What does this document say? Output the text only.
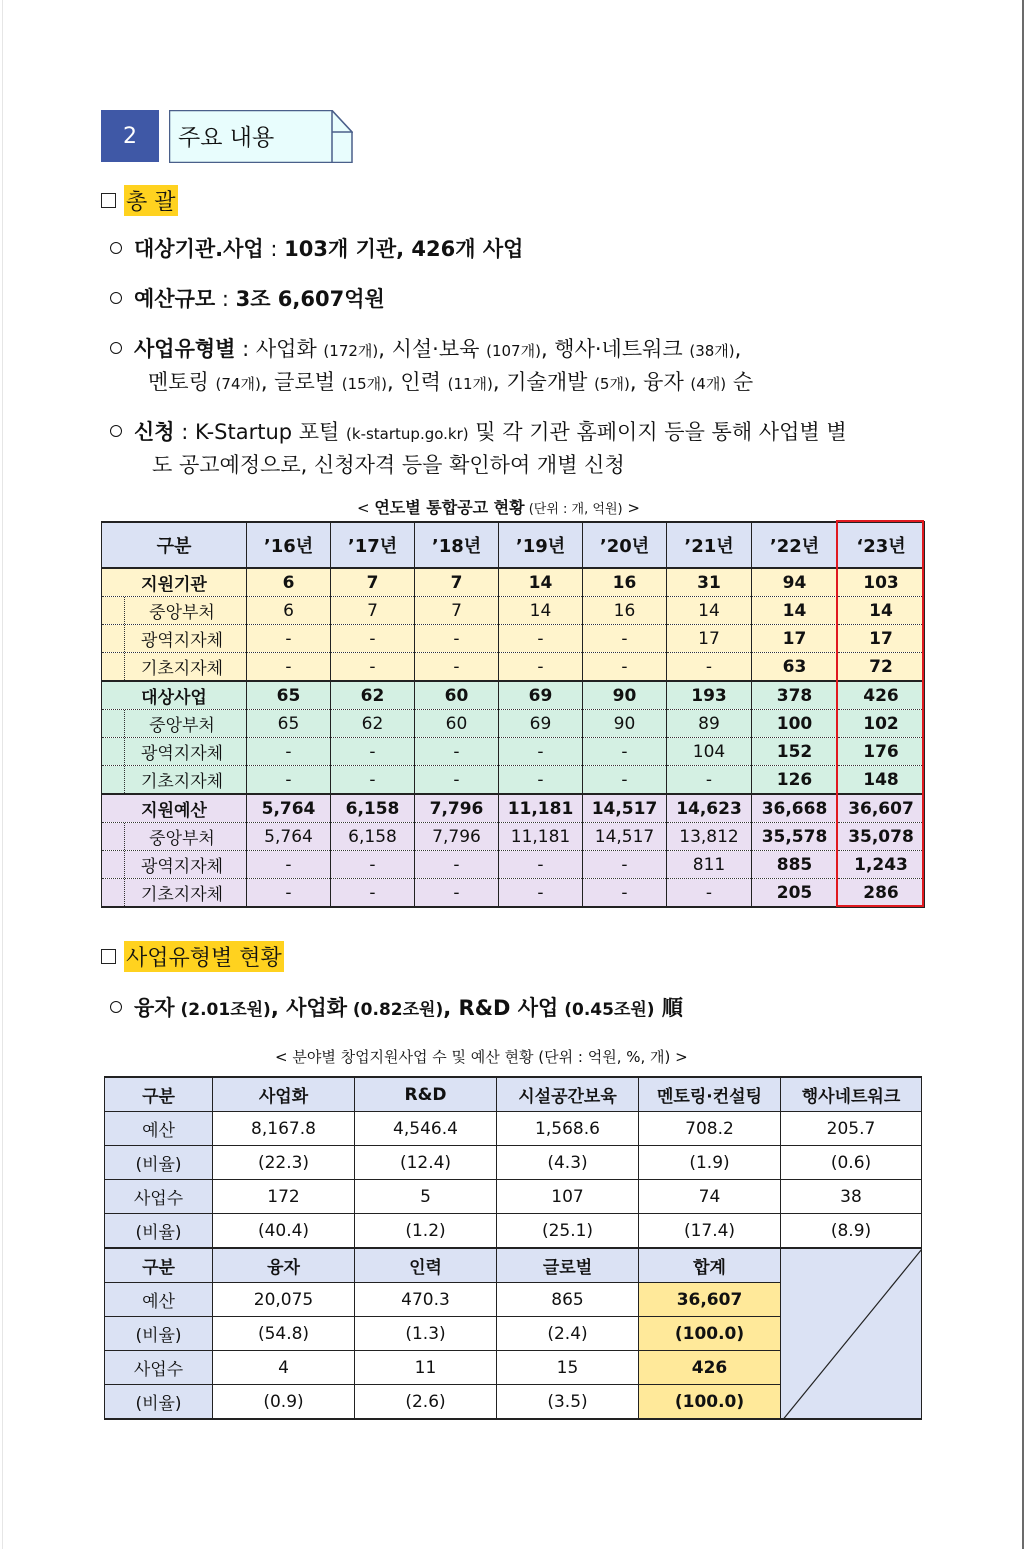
2	주요 내용
총 괄
대상기관.사업 : 103개 기관, 426개 사업
예산규모 : 3조 6,607억원
사업유형별 : 사업화 (172개), 시설·보육 (107개), 행사·네트워크 (38개),
멘토링 (74개), 글로벌 (15개), 인력 (11개), 기술개발 (5개), 융자 (4개) 순
신청 : K-Startup 포털 (k-startup.go.kr) 및 각 기관 홈페이지 등을 통해 사업별 별
도 공고예정으로, 신청자격 등을 확인하여 개별 신청
< 연도별 통합공고 현황 (단위 : 개, 억원) >
구분	’16년	’17년	’18년	’19년	’20년	’21년	’22년	‘23년
지원기관	6	7	7	14	16	31	94	103
중앙부처	6	7	7	14	16	14	14	14
광역지자체	-	-	-	-	-	17	17	17
기초지자체	-	-	-	-	-	-	63	72
대상사업	65	62	60	69	90	193	378	426
중앙부처	65	62	60	69	90	89	100	102
광역지자체	-	-	-	-	-	104	152	176
기초지자체	-	-	-	-	-	-	126	148
지원예산	5,764	6,158	7,796	11,181	14,517	14,623	36,668	36,607
중앙부처	5,764	6,158	7,796	11,181	14,517	13,812	35,578	35,078
광역지자체	-	-	-	-	-	811	885	1,243
기초지자체	-	-	-	-	-	-	205	286
사업유형별 현황
융자 (2.01조원), 사업화 (0.82조원), R&D 사업 (0.45조원) 順
< 분야별 창업지원사업 수 및 예산 현황 (단위 : 억원, %, 개) >
구분	사업화	R&D	시설공간보육	멘토링·컨설팅	행사네트워크
예산	8,167.8	4,546.4	1,568.6	708.2	205.7
(비율)	(22.3)	(12.4)	(4.3)	(1.9)	(0.6)
사업수	172	5	107	74	38
(비율)	(40.4)	(1.2)	(25.1)	(17.4)	(8.9)
구분	융자	인력	글로벌	합계	

예산	20,075	470.3	865	36,607	
(비율)	(54.8)	(1.3)	(2.4)	(100.0)	
사업수	4	11	15	426	
(비율)	(0.9)	(2.6)	(3.5)	(100.0)	
